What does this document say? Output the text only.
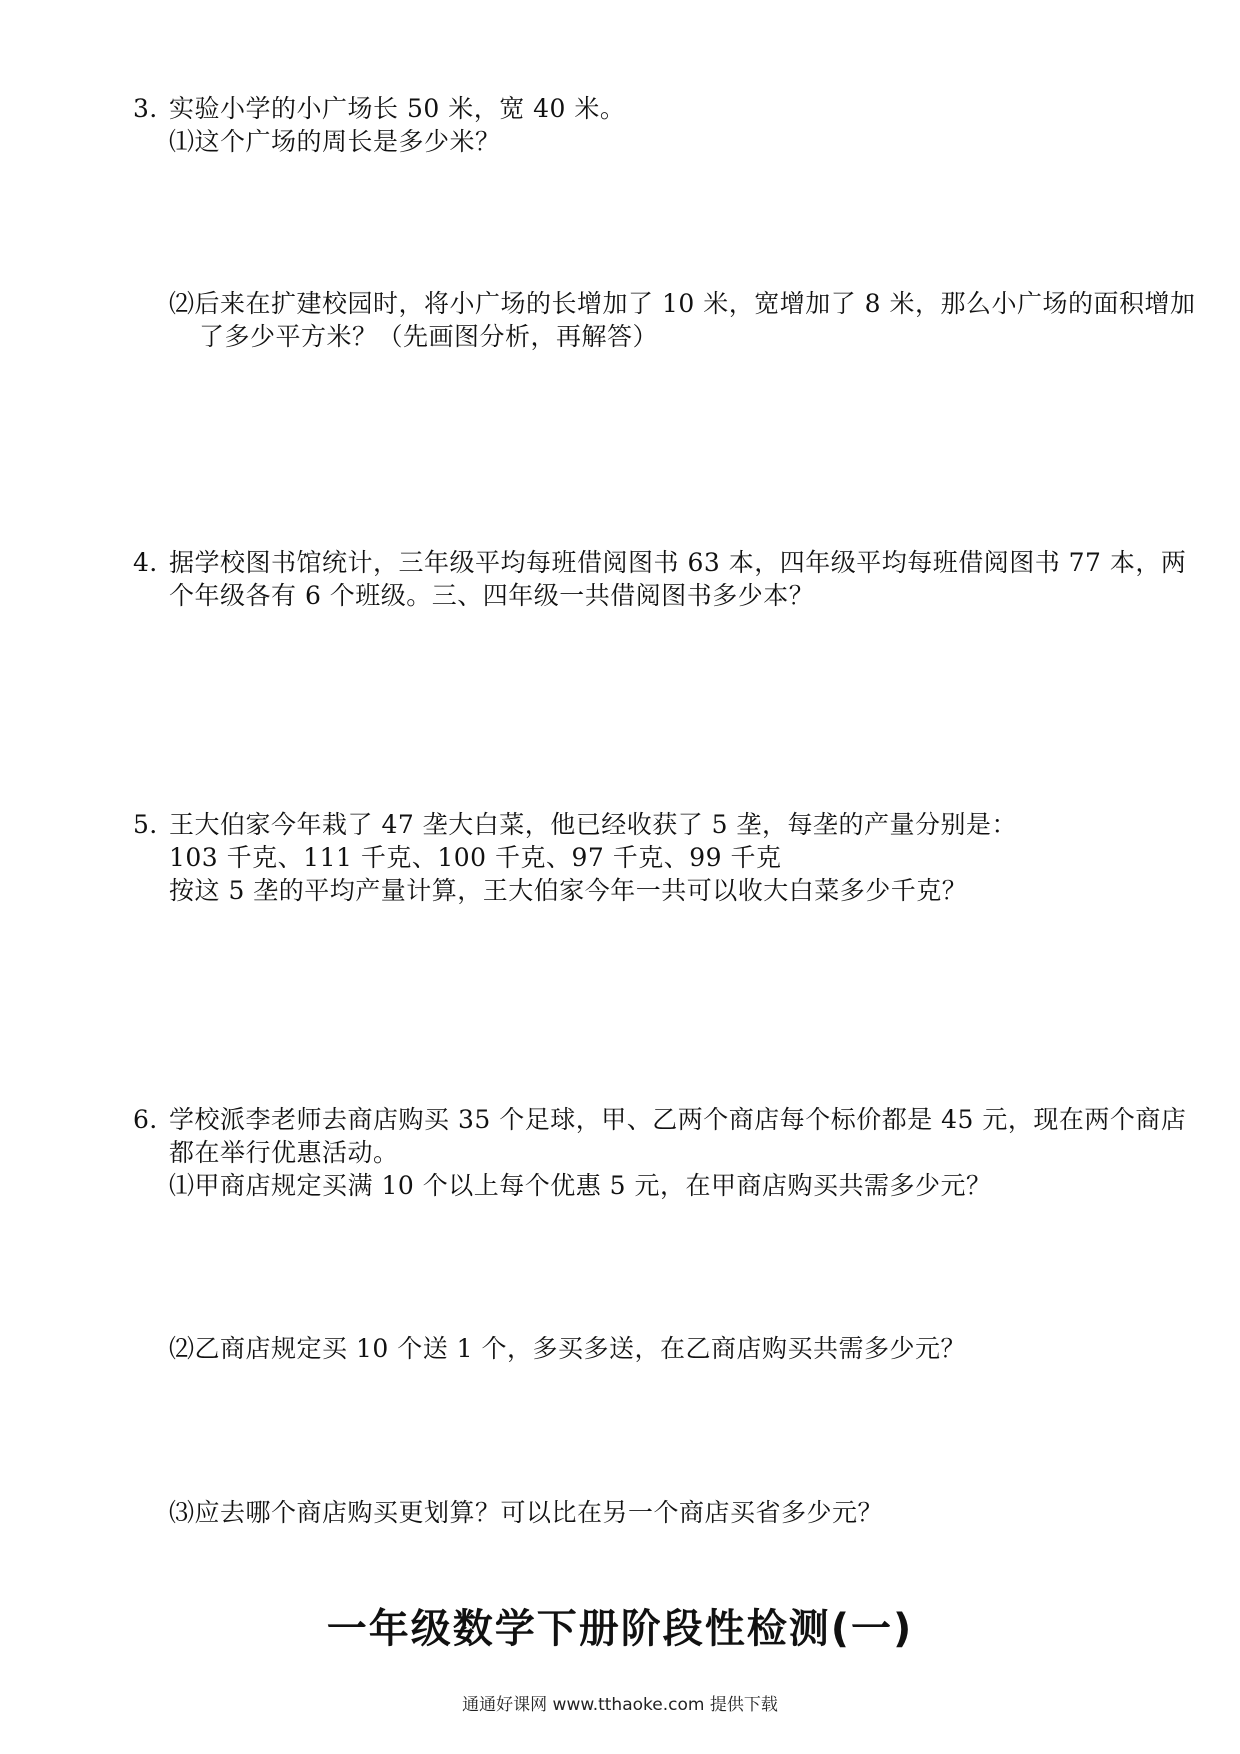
3．实验小学的小广场长 50 米，宽 40 米。
⑴这个广场的周长是多少米？
⑵后来在扩建校园时，将小广场的长增加了 10 米，宽增加了 8 米，那么小广场的面积增加
了多少平方米？（先画图分析，再解答）
4．据学校图书馆统计，三年级平均每班借阅图书 63 本，四年级平均每班借阅图书 77 本，两
个年级各有 6 个班级。三、四年级一共借阅图书多少本？
5．王大伯家今年栽了 47 垄大白菜，他已经收获了 5 垄，每垄的产量分别是：
103 千克、111 千克、100 千克、97 千克、99 千克
按这 5 垄的平均产量计算，王大伯家今年一共可以收大白菜多少千克？
6．学校派李老师去商店购买 35 个足球，甲、乙两个商店每个标价都是 45 元，现在两个商店
都在举行优惠活动。
⑴甲商店规定买满 10 个以上每个优惠 5 元，在甲商店购买共需多少元？
⑵乙商店规定买 10 个送 1 个，多买多送，在乙商店购买共需多少元？
⑶应去哪个商店购买更划算？可以比在另一个商店买省多少元？
一年级数学下册阶段性检测(一)
通通好课网 www.tthaoke.com 提供下载
